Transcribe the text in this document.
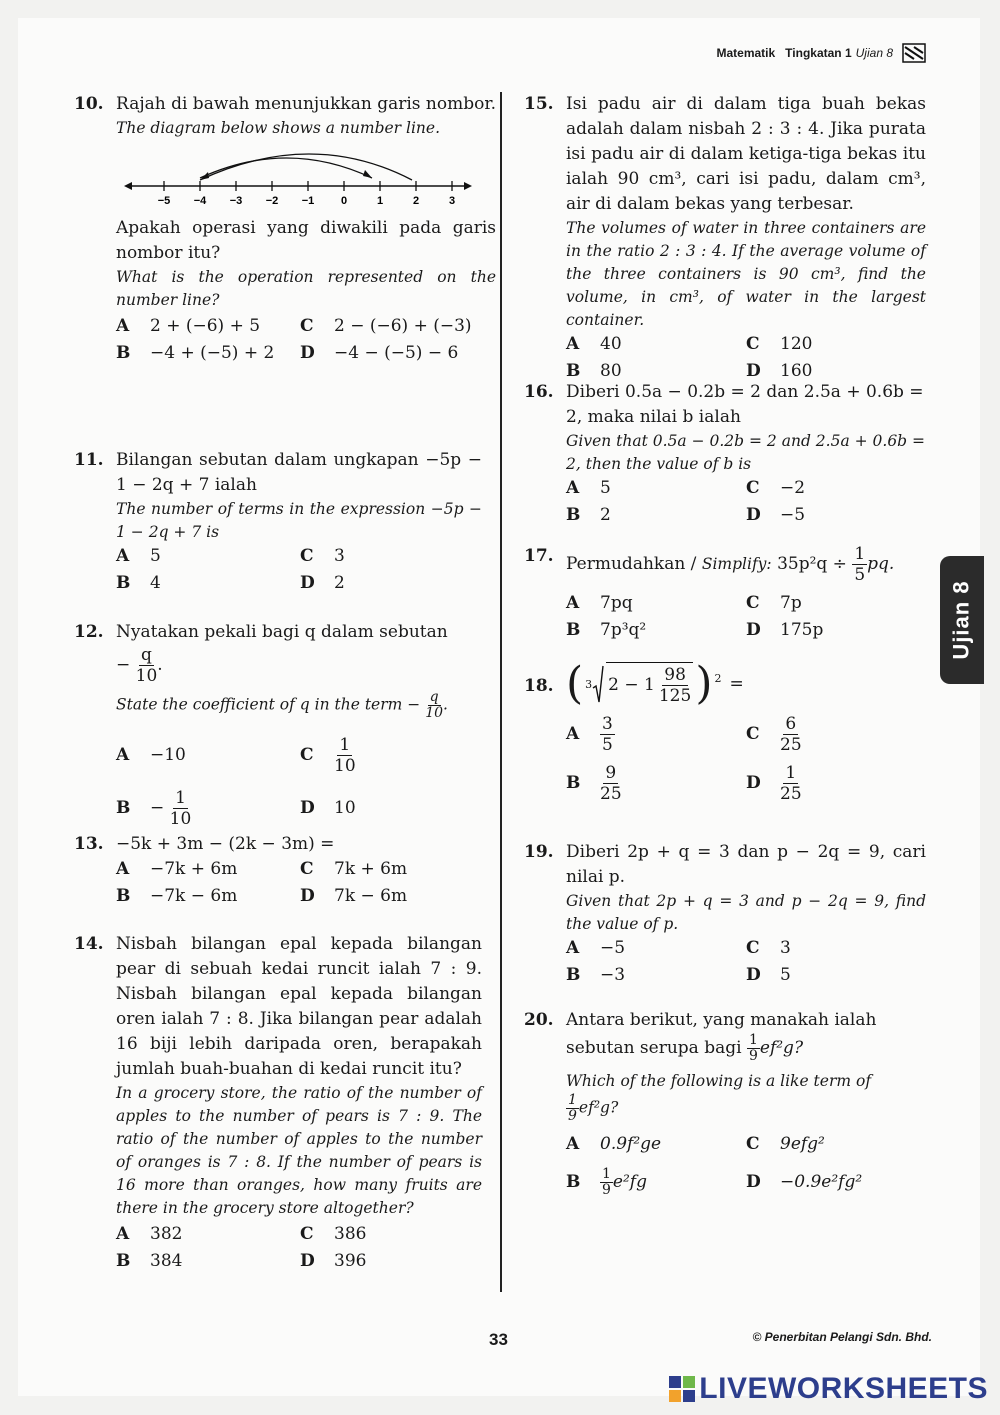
Matematik Tingkatan 1 Ujian 8
10. Rajah di bawah menunjukkan garis nombor.
The diagram below shows a number line.
−5 −4 −3 −2 −1 0	1	2	3
Apakah operasi yang diwakili pada garis nombor itu?
What is the operation represented on the number line?
A 2 + (−6) + 5 C 2 − (−6) + (−3)
B −4 + (−5) + 2 D −4 − (−5) − 6
11. Bilangan sebutan dalam ungkapan −5p − 1 − 2q + 7 ialah
The number of terms in the expression −5p − 1 − 2q + 7 is
A 5	C 3
B 4	D 2
12. Nyatakan pekali bagi q dalam sebutan
− $\frac{q}{10}$ .
State the coefficient of q in the term − $\frac{q}{10}$ .
A −10	C $\frac{1}{10}$
$B - \frac{1}{10}$	D 10
13. −5k + 3m − (2k − 3m) =
A −7k + 6m	C 7k + 6m
B −7k − 6m	D 7k − 6m
14. Nisbah bilangan epal kepada bilangan pear di sebuah kedai runcit ialah 7 : 9. Nisbah bilangan epal kepada bilangan oren ialah 7 : 8. Jika bilangan pear adalah 16 biji lebih daripada oren, berapakah jumlah buah-buahan di kedai runcit itu?
In a grocery store, the ratio of the number of apples to the number of pears is 7 : 9. The ratio of the number of apples to the number of oranges is 7 : 8. If the number of pears is 16 more than oranges, how many fruits are there in the grocery store altogether?
A 382	C 386
B 384	D 396
15. Isi padu air di dalam tiga buah bekas adalah dalam nisbah 2 : 3 : 4. Jika purata isi padu air di dalam ketiga-tiga bekas itu ialah 90 cm³, cari isi padu, dalam cm³, air di dalam bekas yang terbesar.
The volumes of water in three containers are in the ratio 2 : 3 : 4. If the average volume of the three containers is 90 cm³, find the volume, in cm³, of water in the largest container.
A 40	C 120
B 80	D 160
16. Diberi 0.5a − 0.2b = 2 dan 2.5a + 0.6b = 2, maka nilai b ialah
Given that 0.5a − 0.2b = 2 and 2.5a + 0.6b = 2, then the value of b is
A 5	C −2
B 2	D −5
17. Permudahkan / Simplify: $35p^2q \div \frac{1}{5}$ pq.
A 7pq	C 7p
B 7p³q²	D 175p
18. ( 3 $2 - 1 \frac{98}{125} )^2$ =
A $\frac{3}{5}$	C $\frac{6}{25}$
B $\frac{9}{25}$	D $\frac{1}{25}$
19. Diberi 2p + q = 3 dan p − 2q = 9, cari nilai p.
Given that 2p + q = 3 and p − 2q = 9, find the value of p.
A −5	C 3
B −3	D 5
20. Antara berikut, yang manakah ialah sebutan serupa bagi $\frac{1}{9} ef^2g$?
Which of the following is a like term of

$\frac{1}{9} ef^2g$?
A 0.9f²ge	C 9efg²
B $\frac{1}{9} e^2fg$	D −0.9e²fg²
Ujian 8
33	© Penerbitan Pelangi Sdn. Bhd.
LIVEWORKSHEETS
